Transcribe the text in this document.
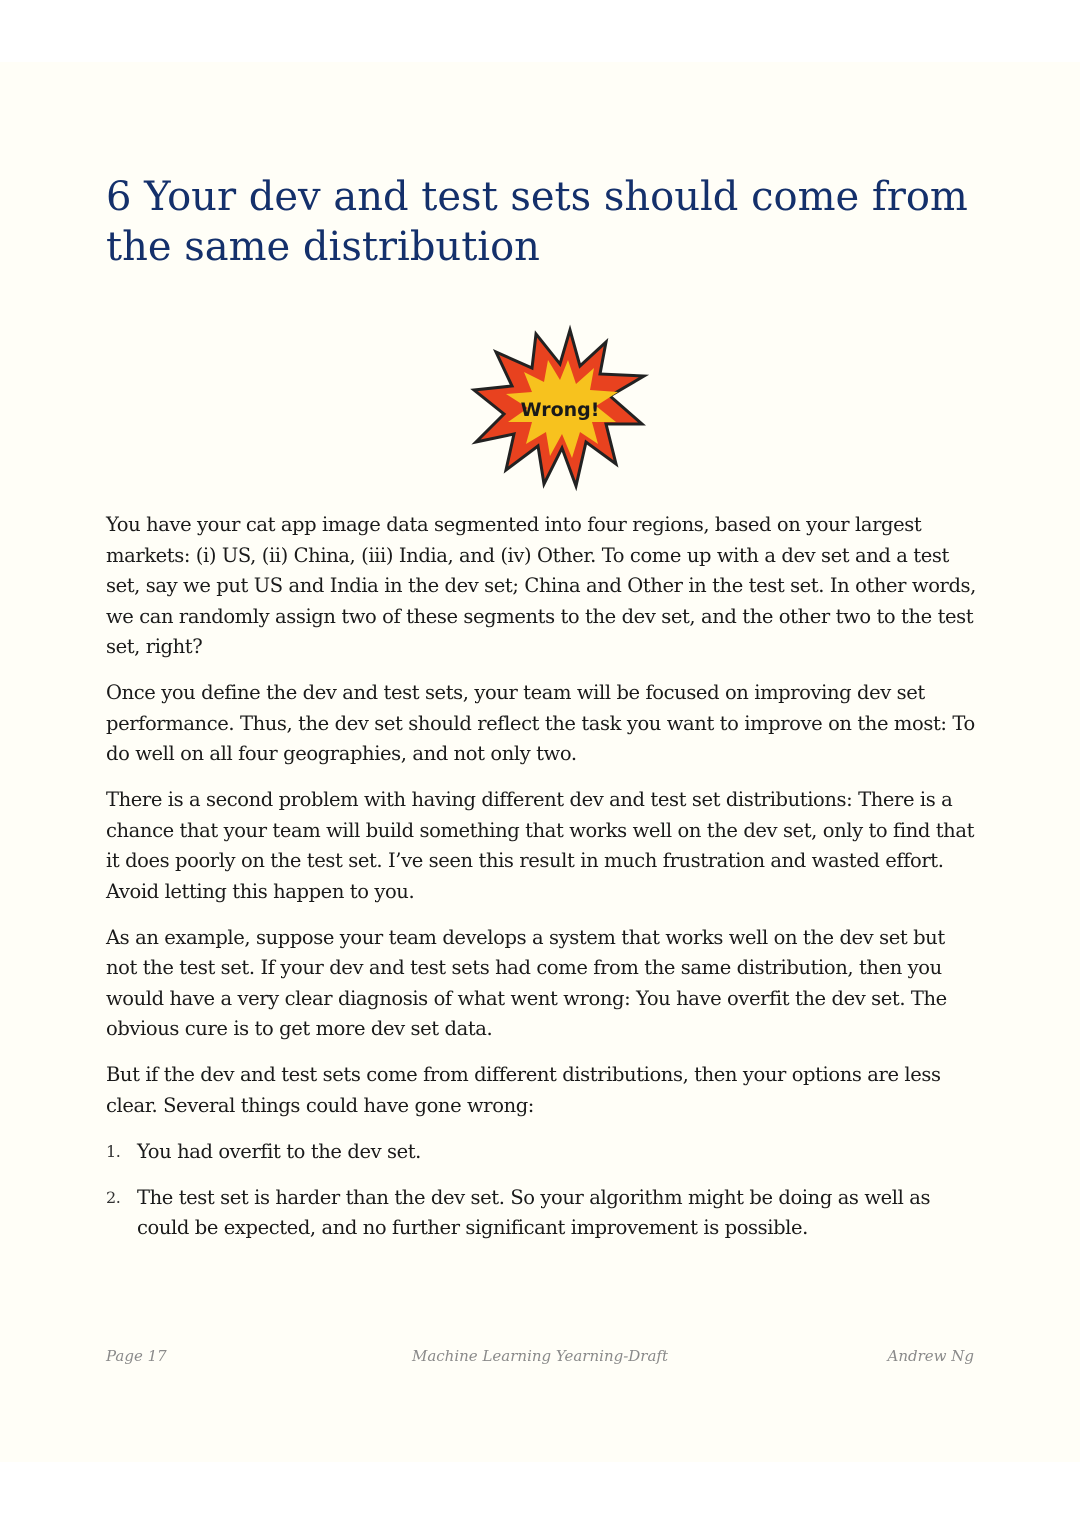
6 Your dev and test sets should come from the same distribution
Wrong!

You have your cat app image data segmented into four regions, based on your largest markets: (i) US, (ii) China, (iii) India, and (iv) Other. To come up with a dev set and a test set, say we put US and India in the dev set; China and Other in the test set. In other words, we can randomly assign two of these segments to the dev set, and the other two to the test set, right?

Once you define the dev and test sets, your team will be focused on improving dev set performance. Thus, the dev set should reflect the task you want to improve on the most: To do well on all four geographies, and not only two.

There is a second problem with having different dev and test set distributions: There is a chance that your team will build something that works well on the dev set, only to find that it does poorly on the test set. I’ve seen this result in much frustration and wasted effort. Avoid letting this happen to you.

As an example, suppose your team develops a system that works well on the dev set but not the test set. If your dev and test sets had come from the same distribution, then you would have a very clear diagnosis of what went wrong: You have overfit the dev set. The obvious cure is to get more dev set data.

But if the dev and test sets come from different distributions, then your options are less clear. Several things could have gone wrong:

1. You had overfit to the dev set.
2. The test set is harder than the dev set. So your algorithm might be doing as well as could be expected, and no further significant improvement is possible.
Page 17	Machine Learning Yearning-Draft	Andrew Ng
